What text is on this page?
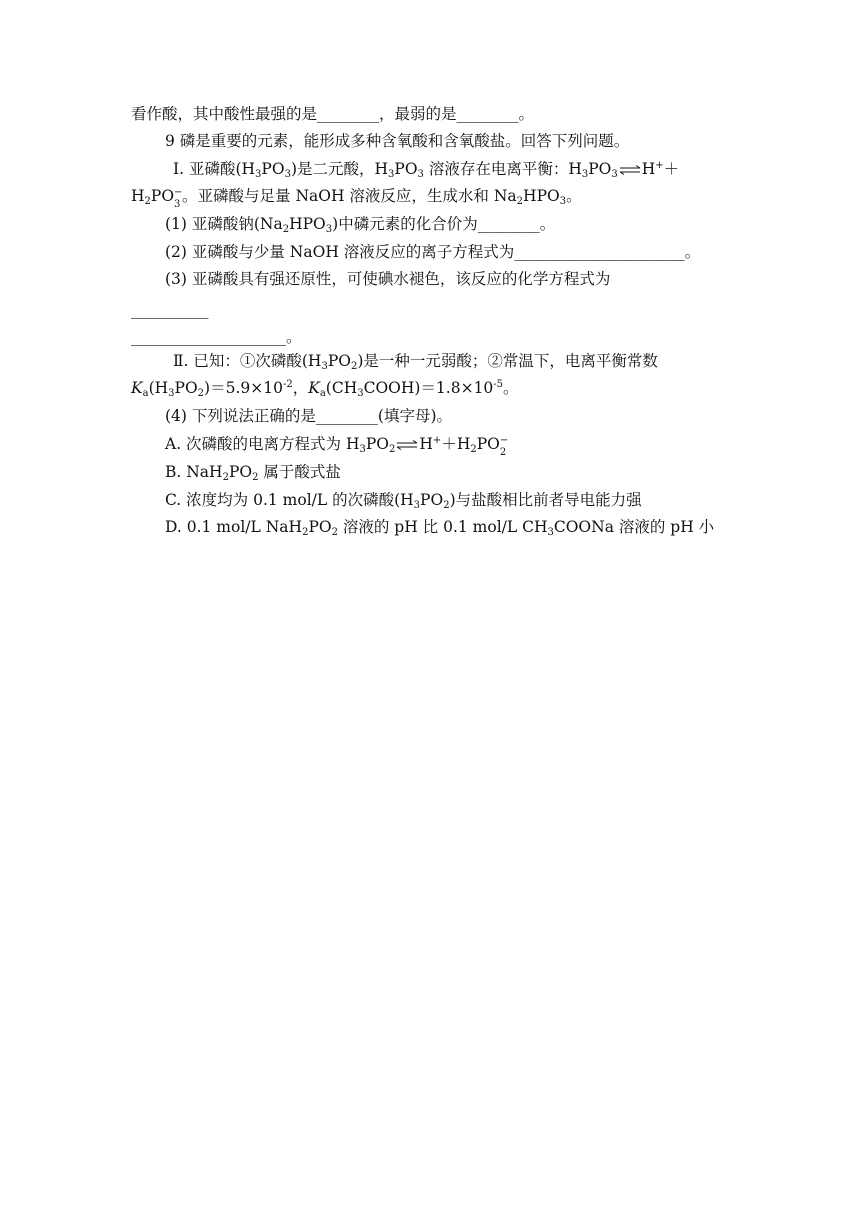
看作酸，其中酸性最强的是________，最弱的是________。
9 磷是重要的元素，能形成多种含氧酸和含氧酸盐。回答下列问题。
Ⅰ. 亚磷酸$(H_3PO_3)$是二元酸，$H_3PO_3$ 溶液存在电离平衡：$H_3PO_3\rightleftharpoons H^++$
$H_2PO$ −
3 。亚磷酸与足量 NaOH 溶液反应，生成水和 $Na_2HPO_3$。
(1) 亚磷酸钠$(Na_2HPO_3)$中磷元素的化合价为________。
(2) 亚磷酸与少量 NaOH 溶液反应的离子方程式为______________________。
(3) 亚磷酸具有强还原性，可使碘水褪色，该反应的化学方程式为
__________
____________________。
Ⅱ. 已知：①次磷酸$(H_3PO_2)$是一种一元弱酸；②常温下，电离平衡常数
$K_a(H_3PO_2)=5.9\times 10^{-2}$，$K_a(CH_3COOH)=1.8\times 10^{-5}$。
(4) 下列说法正确的是________(填字母)。
A. 次磷酸的电离方程式为 $H_3PO_2\rightleftharpoons H^++H_2PO$ −
2
B. $NaH_2PO_2$ 属于酸式盐
C. 浓度均为 0.1 mol/L 的次磷酸$(H_3PO_2)$与盐酸相比前者导电能力强
D. 0.1 mol/L $NaH_2PO_2$ 溶液的 pH 比 0.1 mol/L $CH_3COONa$ 溶液的 pH 小
